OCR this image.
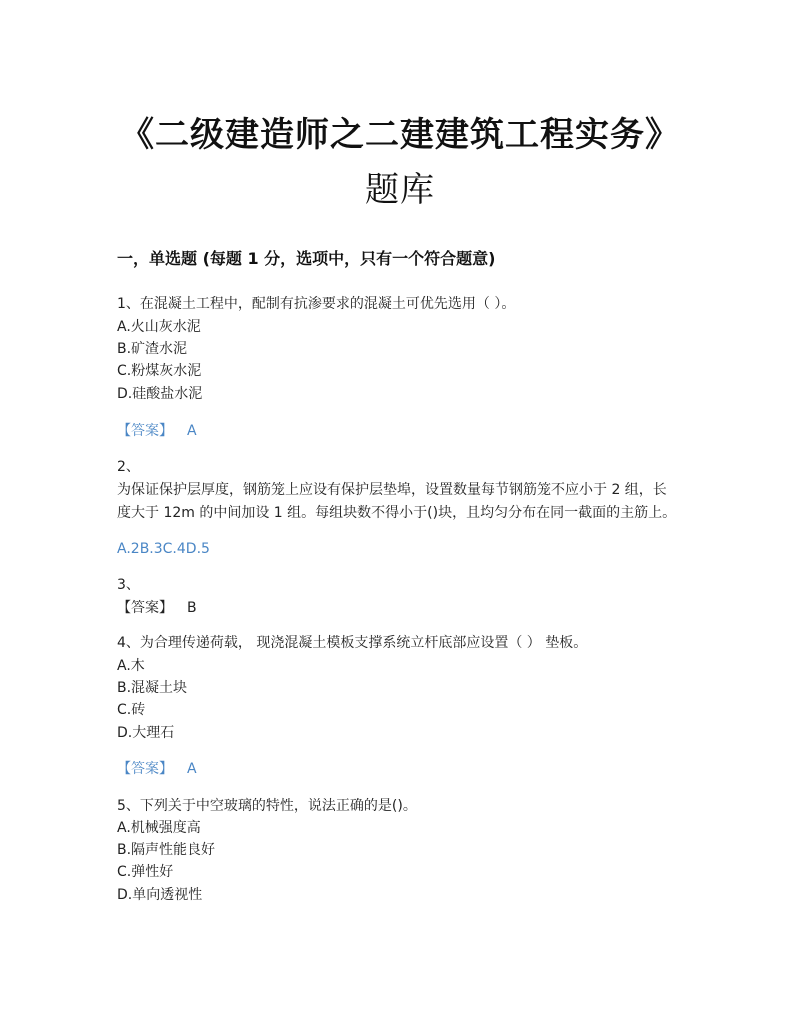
《二级建造师之二建建筑工程实务》
题库
一，单选题 (每题 1 分，选项中，只有一个符合题意)
1、在混凝土工程中，配制有抗渗要求的混凝土可优先选用（ ）。
A.火山灰水泥
B.矿渣水泥
C.粉煤灰水泥
D.硅酸盐水泥
【答案】 A
2、
为保证保护层厚度，钢筋笼上应设有保护层垫埠，设置数量每节钢筋笼不应小于 2 组，长
度大于 12m 的中间加设 1 组。每组块数不得小于()块，且均匀分布在同一截面的主筋上。
A.2B.3C.4D.5
3、
【答案】 B
4、为合理传递荷载， 现浇混凝土模板支撑系统立杆底部应设置（ ） 垫板。
A.木
B.混凝土块
C.砖
D.大理石
【答案】 A
5、下列关于中空玻璃的特性，说法正确的是()。
A.机械强度高
B.隔声性能良好
C.弹性好
D.单向透视性
